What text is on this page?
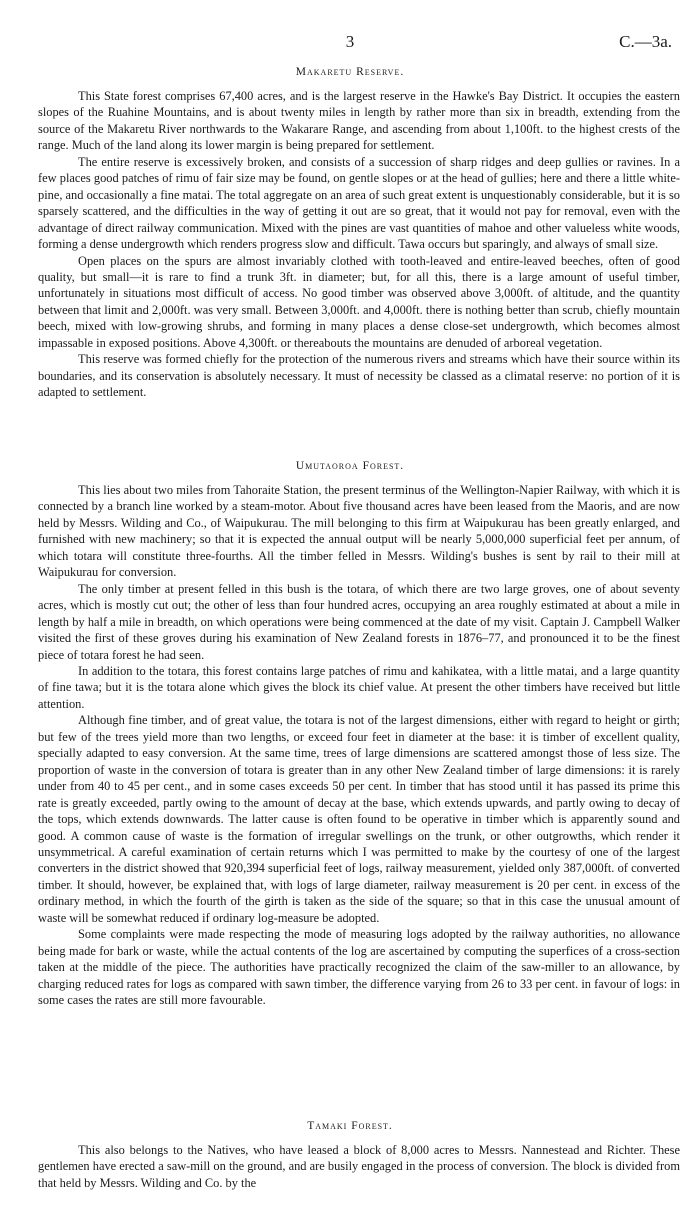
3	C.—3a.
Makaretu Reserve.

This State forest comprises 67,400 acres, and is the largest reserve in the Hawke's Bay District. It occupies the eastern slopes of the Ruahine Mountains, and is about twenty miles in length by rather more than six in breadth, extending from the source of the Makaretu River northwards to the Wakarare Range, and ascending from about 1,100ft. to the highest crests of the range. Much of the land along its lower margin is being prepared for settlement.

The entire reserve is excessively broken, and consists of a succession of sharp ridges and deep gullies or ravines. In a few places good patches of rimu of fair size may be found, on gentle slopes or at the head of gullies; here and there a little white-pine, and occasionally a fine matai. The total aggregate on an area of such great extent is unquestionably considerable, but it is so sparsely scattered, and the difficulties in the way of getting it out are so great, that it would not pay for removal, even with the advantage of direct railway communication. Mixed with the pines are vast quantities of mahoe and other valueless white woods, forming a dense undergrowth which renders progress slow and difficult. Tawa occurs but sparingly, and always of small size.

Open places on the spurs are almost invariably clothed with tooth-leaved and entire-leaved beeches, often of good quality, but small—it is rare to find a trunk 3ft. in diameter; but, for all this, there is a large amount of useful timber, unfortunately in situations most difficult of access. No good timber was observed above 3,000ft. of altitude, and the quantity between that limit and 2,000ft. was very small. Between 3,000ft. and 4,000ft. there is nothing better than scrub, chiefly mountain beech, mixed with low-growing shrubs, and forming in many places a dense close-set undergrowth, which becomes almost impassable in exposed positions. Above 4,300ft. or thereabouts the mountains are denuded of arboreal vegetation.

This reserve was formed chiefly for the protection of the numerous rivers and streams which have their source within its boundaries, and its conservation is absolutely necessary. It must of necessity be classed as a climatal reserve: no portion of it is adapted to settlement.

Umutaoroa Forest.

This lies about two miles from Tahoraite Station, the present terminus of the Wellington-Napier Railway, with which it is connected by a branch line worked by a steam-motor. About five thousand acres have been leased from the Maoris, and are now held by Messrs. Wilding and Co., of Waipukurau. The mill belonging to this firm at Waipukurau has been greatly enlarged, and furnished with new machinery; so that it is expected the annual output will be nearly 5,000,000 superficial feet per annum, of which totara will constitute three-fourths. All the timber felled in Messrs. Wilding's bushes is sent by rail to their mill at Waipukurau for conversion.

The only timber at present felled in this bush is the totara, of which there are two large groves, one of about seventy acres, which is mostly cut out; the other of less than four hundred acres, occupying an area roughly estimated at about a mile in length by half a mile in breadth, on which operations were being commenced at the date of my visit. Captain J. Campbell Walker visited the first of these groves during his examination of New Zealand forests in 1876–77, and pronounced it to be the finest piece of totara forest he had seen.

In addition to the totara, this forest contains large patches of rimu and kahikatea, with a little matai, and a large quantity of fine tawa; but it is the totara alone which gives the block its chief value. At present the other timbers have received but little attention.

Although fine timber, and of great value, the totara is not of the largest dimensions, either with regard to height or girth; but few of the trees yield more than two lengths, or exceed four feet in diameter at the base: it is timber of excellent quality, specially adapted to easy conversion. At the same time, trees of large dimensions are scattered amongst those of less size. The proportion of waste in the conversion of totara is greater than in any other New Zealand timber of large dimensions: it is rarely under from 40 to 45 per cent., and in some cases exceeds 50 per cent. In timber that has stood until it has passed its prime this rate is greatly exceeded, partly owing to the amount of decay at the base, which extends upwards, and partly owing to decay of the tops, which extends downwards. The latter cause is often found to be operative in timber which is apparently sound and good. A common cause of waste is the formation of irregular swellings on the trunk, or other outgrowths, which render it unsymmetrical. A careful examination of certain returns which I was permitted to make by the courtesy of one of the largest converters in the district showed that 920,394 superficial feet of logs, railway measurement, yielded only 387,000ft. of converted timber. It should, however, be explained that, with logs of large diameter, railway measurement is 20 per cent. in excess of the ordinary method, in which the fourth of the girth is taken as the side of the square; so that in this case the unusual amount of waste will be somewhat reduced if ordinary log-measure be adopted.

Some complaints were made respecting the mode of measuring logs adopted by the railway authorities, no allowance being made for bark or waste, while the actual contents of the log are ascertained by computing the superfices of a cross-section taken at the middle of the piece. The authorities have practically recognized the claim of the saw-miller to an allowance, by charging reduced rates for logs as compared with sawn timber, the difference varying from 26 to 33 per cent. in favour of logs: in some cases the rates are still more favourable.

Tamaki Forest.

This also belongs to the Natives, who have leased a block of 8,000 acres to Messrs. Nannestead and Richter. These gentlemen have erected a saw-mill on the ground, and are busily engaged in the process of conversion. The block is divided from that held by Messrs. Wilding and Co. by the
